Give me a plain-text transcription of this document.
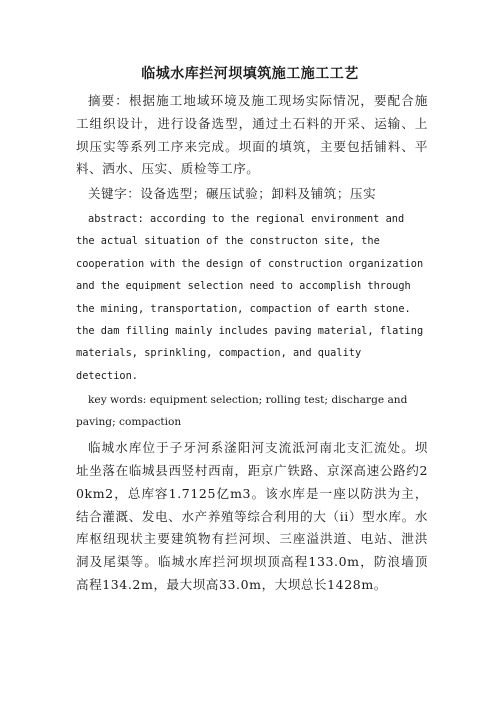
临城水库拦河坝填筑施工施工工艺

摘要：根据施工地域环境及施工现场实际情况，要配合施工组织设计，进行设备选型，通过土石料的开采、运输、上坝压实等系列工序来完成。坝面的填筑，主要包括铺料、平料、洒水、压实、质检等工序。

关键字：设备选型；碾压试验；卸料及铺筑；压实

abstract: according to the regional environment and the actual situation of the constructon site, the cooperation with the design of construction organization and the equipment selection need to accomplish through the mining, transportation, compaction of earth stone. the dam filling mainly includes paving material, flating materials, sprinkling, compaction, and quality detection.

key words: equipment selection; rolling test; discharge and paving; compaction

临城水库位于子牙河系滏阳河支流泜河南北支汇流处。坝址坐落在临城县西竖村西南，距京广铁路、京深高速公路约20km2，总库容1.7125亿m3。该水库是一座以防洪为主，结合灌溉、发电、水产养殖等综合利用的大（ii）型水库。水库枢纽现状主要建筑物有拦河坝、三座溢洪道、电站、泄洪洞及尾渠等。临城水库拦河坝坝顶高程133.0m，防浪墙顶高程134.2m，最大坝高33.0m，大坝总长1428m。
